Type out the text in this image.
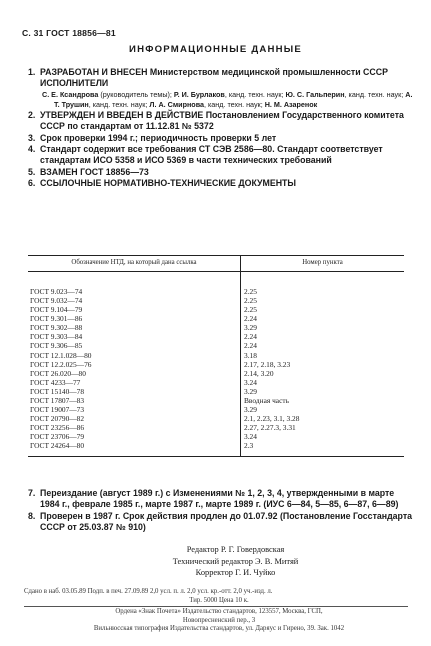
С. 31 ГОСТ 18856—81
ИНФОРМАЦИОННЫЕ ДАННЫЕ
1. РАЗРАБОТАН И ВНЕСЕН Министерством медицинской промышленности СССР
ИСПОЛНИТЕЛИ
С. Е. Ксандрова (руководитель темы); Р. И. Бурлаков, канд. техн. наук; Ю. С. Гальперин, канд. техн. наук; А. Т. Трушин, канд. техн. наук; Л. А. Смирнова, канд. техн. наук; Н. М. Азаренок
2. УТВЕРЖДЕН И ВВЕДЕН В ДЕЙСТВИЕ Постановлением Государственного комитета СССР по стандартам от 11.12.81 № 5372
3. Срок проверки 1994 г.; периодичность проверки 5 лет
4. Стандарт содержит все требования СТ СЭВ 2586—80. Стандарт соответствует стандартам ИСО 5358 и ИСО 5369 в части технических требований
5. ВЗАМЕН ГОСТ 18856—73
6. ССЫЛОЧНЫЕ НОРМАТИВНО-ТЕХНИЧЕСКИЕ ДОКУМЕНТЫ
Обозначение НТД, на который дана ссылка	Номер пункта
ГОСТ 9.023—74	2.25
ГОСТ 9.032—74	2.25
ГОСТ 9.104—79	2.25
ГОСТ 9.301—86	2.24
ГОСТ 9.302—88	3.29
ГОСТ 9.303—84	2.24
ГОСТ 9.306—85	2.24
ГОСТ 12.1.028—80	3.18
ГОСТ 12.2.025—76	2.17, 2.18, 3.23
ГОСТ 26.020—80	2.14, 3.20
ГОСТ 4233—77	3.24
ГОСТ 15140—78	3.29
ГОСТ 17807—83	Вводная часть
ГОСТ 19007—73	3.29
ГОСТ 20790—82	2.1, 2.23, 3.1, 3.28
ГОСТ 23256—86	2.27, 2.27.3, 3.31
ГОСТ 23706—79	3.24
ГОСТ 24264—80	2.3
7. Переиздание (август 1989 г.) с Изменениями № 1, 2, 3, 4, утвержденными в марте 1984 г., феврале 1985 г., марте 1987 г., марте 1989 г. (ИУС 6—84, 5—85, 6—87, 6—89)
8. Проверен в 1987 г. Срок действия продлен до 01.07.92 (Постановление Госстандарта СССР от 25.03.87 № 910)
Редактор Р. Г. Говердовская
Технический редактор Э. В. Митяй
Корректор Г. И. Чуйко
Сдано в наб. 03.05.89 Подп. в печ. 27.09.89 2,0 усл. п. л. 2,0 усл. кр.-отт. 2,0 уч.-изд. л.
Тир. 5000 Цена 10 к.
Ордена «Знак Почета» Издательство стандартов, 123557, Москва, ГСП,
Новопресненский пер., 3
Вильнюсская типография Издательства стандартов, ул. Даряус и Гирено, 39. Зак. 1042
